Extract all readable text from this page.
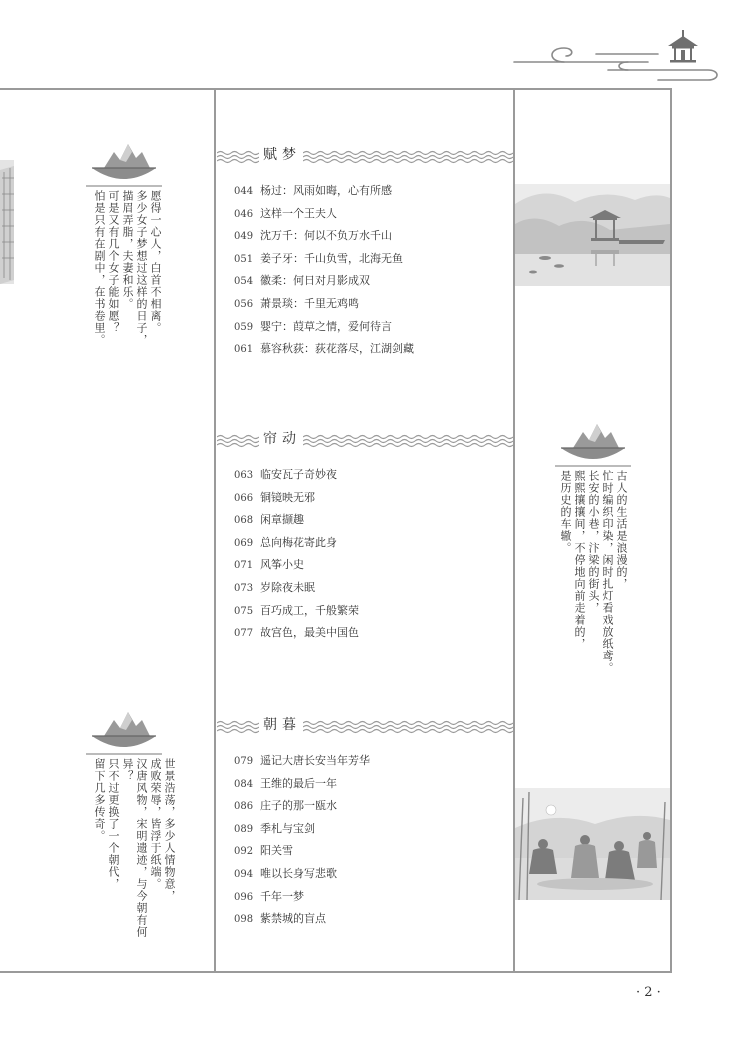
愿得一心人，白首不相离。
多少女子梦想过这样的日子，
描眉弄脂，夫妻和乐。
可是又有几个女子能如愿？
怕是只有在剧中，在书卷里。
世景浩荡，多少人情物意，
成败荣辱，皆浮于纸端。
汉唐风物，宋明遗迹，与今朝有何异？
只不过更换了一个朝代，
留下几多传奇。
赋梦
044 杨过：风雨如晦，心有所感
046 这样一个王夫人
049 沈万千：何以不负万水千山
051 姜子牙：千山负雪，北海无鱼
054 徽柔：何日对月影成双
056 萧景琰：千里无鸡鸣
059 婴宁：葭草之情，爱何待言
061 慕容秋荻：荻花落尽，江湖剑藏
帘动
063 临安瓦子奇妙夜
066 铜镜映无邪
068 闲章撷趣
069 总向梅花寄此身
071 风筝小史
073 岁除夜未眠
075 百巧成工，千般繁荣
077 故宫色，最美中国色
朝暮
079 遥记大唐长安当年芳华
084 王维的最后一年
086 庄子的那一瓯水
089 季札与宝剑
092 阳关雪
094 唯以长身写悲歌
096 千年一梦
098 紫禁城的盲点
古人的生活是浪漫的，
忙时编织印染，闲时扎灯看戏放纸鸢。
长安的小巷，汴梁的街头，
熙熙攘攘间，不停地向前走着的，
是历史的车辙。
· 2 ·
